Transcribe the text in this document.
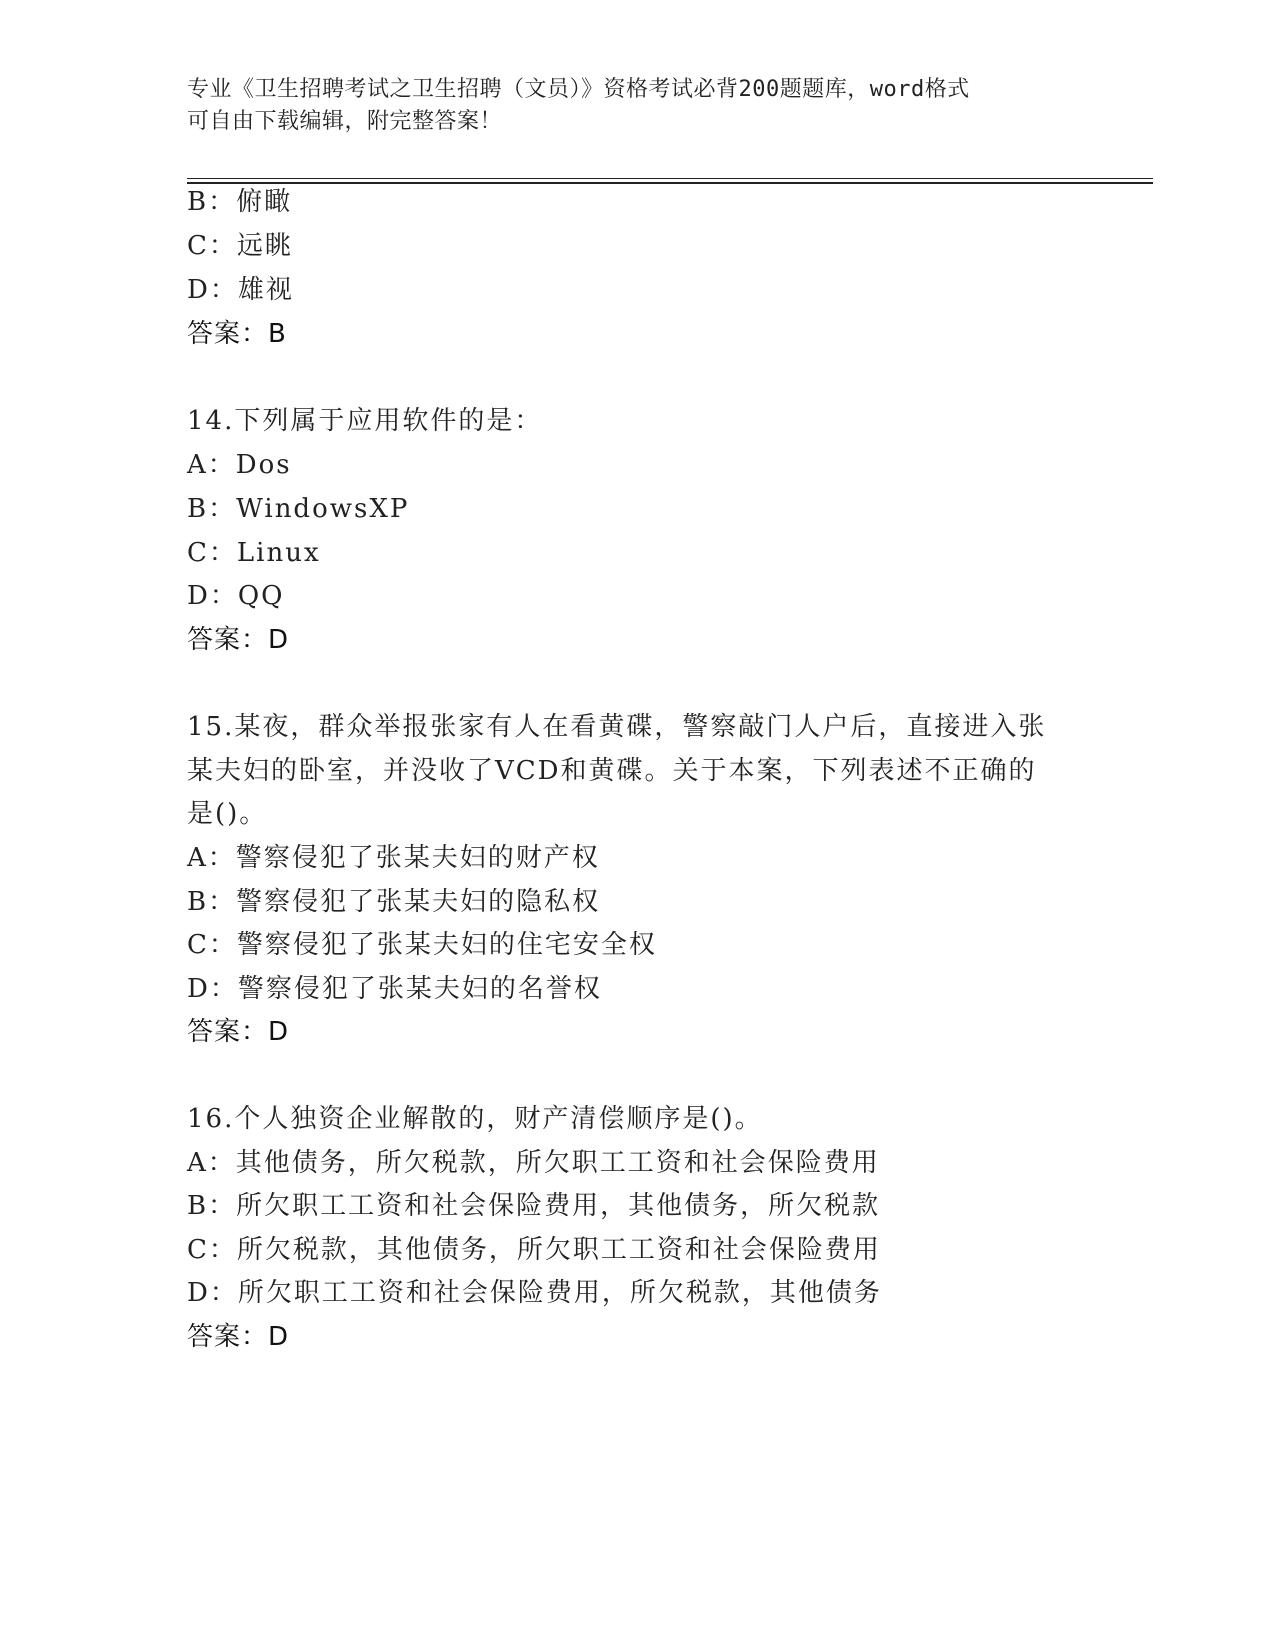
专业《卫生招聘考试之卫生招聘（文员）》资格考试必背200题题库，word格式
可自由下载编辑，附完整答案！
B：俯瞰
C：远眺
D：雄视
答案：B
14.下列属于应用软件的是：
A：Dos
B：WindowsXP
C：Linux
D：QQ
答案：D
15.某夜，群众举报张家有人在看黄碟，警察敲门人户后，直接进入张
某夫妇的卧室，并没收了VCD和黄碟。关于本案，下列表述不正确的
是()。
A：警察侵犯了张某夫妇的财产权
B：警察侵犯了张某夫妇的隐私权
C：警察侵犯了张某夫妇的住宅安全权
D：警察侵犯了张某夫妇的名誉权
答案：D
16.个人独资企业解散的，财产清偿顺序是()。
A：其他债务，所欠税款，所欠职工工资和社会保险费用
B：所欠职工工资和社会保险费用，其他债务，所欠税款
C：所欠税款，其他债务，所欠职工工资和社会保险费用
D：所欠职工工资和社会保险费用，所欠税款，其他债务
答案：D
